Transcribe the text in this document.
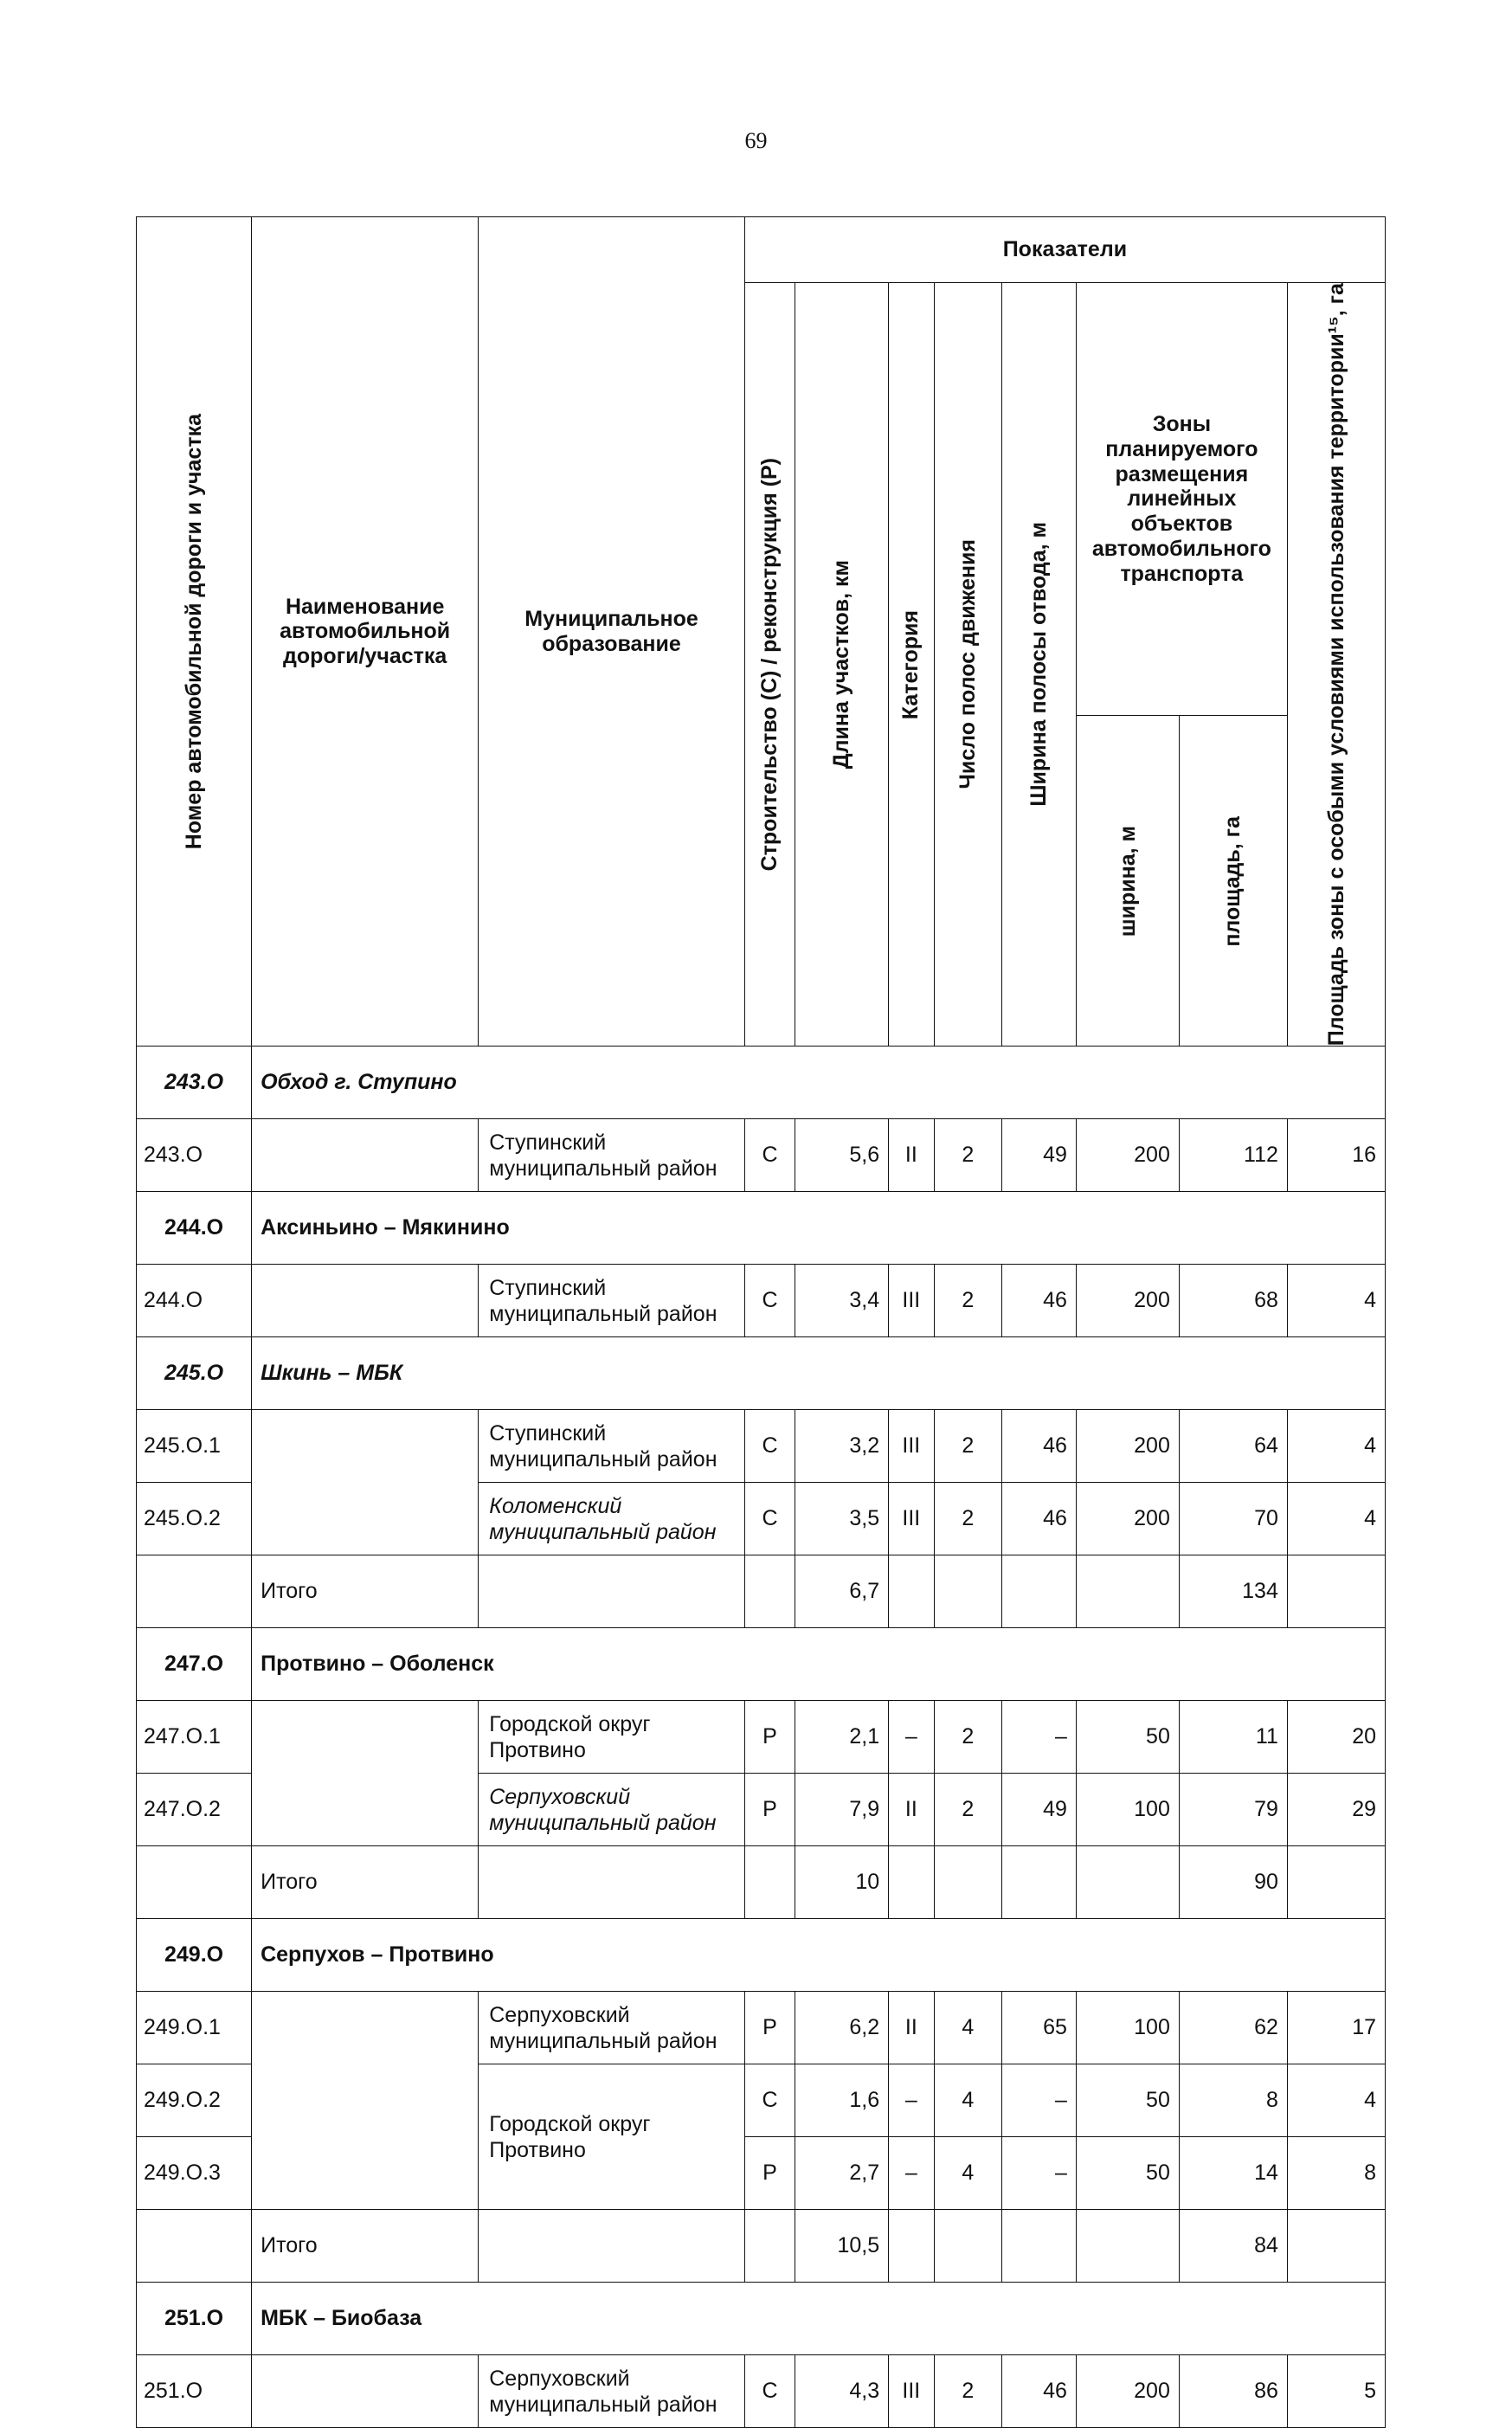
69
Номер автомобильной дороги и участка	Наименование автомобильной дороги/участка	Муниципальное образование	Показатели							

			Строительство (С) / реконструкция (Р)	Длина участков, км	Категория	Число полос движения	Ширина полосы отвода, м	Зоны планируемого размещения линейных объектов автомобильного транспорта		Площадь зоны с особыми условиями использования территории¹⁵, га

								ширина, м	площадь, га	

243.О	Обход г. Ступино									
243.О		Ступинский муниципальный район	С	5,6	II	2	49	200	112	16
244.О	Аксиньино – Мякинино									
244.О		Ступинский муниципальный район	С	3,4	III	2	46	200	68	4
245.О	Шкинь – МБК									
245.О.1		Ступинский муниципальный район	С	3,2	III	2	46	200	64	4
245.О.2		Коломенский муниципальный район	С	3,5	III	2	46	200	70	4
	Итого			6,7					134	
247.О	Протвино – Оболенск									
247.О.1		Городской округ Протвино	Р	2,1	–	2	–	50	11	20
247.О.2		Серпуховский муниципальный район	Р	7,9	II	2	49	100	79	29
	Итого			10					90	
249.О	Серпухов – Протвино									
249.О.1		Серпуховский муниципальный район	Р	6,2	II	4	65	100	62	17
249.О.2		Городской округ Протвино	С	1,6	–	4	–	50	8	4
249.О.3			Р	2,7	–	4	–	50	14	8
	Итого			10,5					84	
251.О	МБК – Биобаза									
251.О		Серпуховский муниципальный район	С	4,3	III	2	46	200	86	5
